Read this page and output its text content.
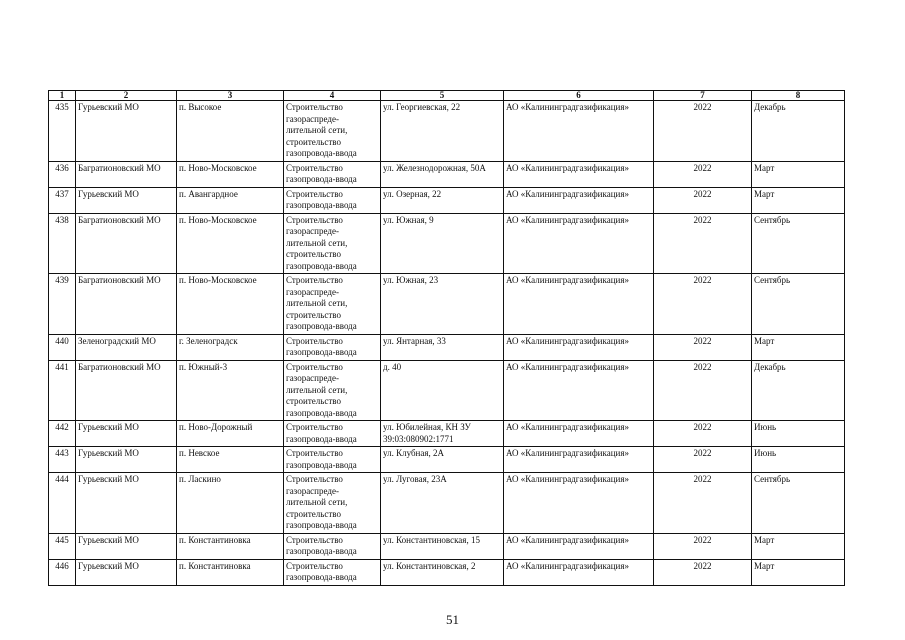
1	2	3	4	5	6	7	8
435	Гурьевский МО	п. Высокое	Строительство
газораспреде-
лительной сети,
строительство
газопровода-ввода	ул. Георгиевская, 22	АО «Калининградгазификация»	2022	Декабрь
436	Багратионовский МО	п. Ново-Московское	Строительство
газопровода-ввода	ул. Железнодорожная, 50А	АО «Калининградгазификация»	2022	Март
437	Гурьевский МО	п. Авангардное	Строительство
газопровода-ввода	ул. Озерная, 22	АО «Калининградгазификация»	2022	Март
438	Багратионовский МО	п. Ново-Московское	Строительство
газораспреде-
лительной сети,
строительство
газопровода-ввода	ул. Южная, 9	АО «Калининградгазификация»	2022	Сентябрь
439	Багратионовский МО	п. Ново-Московское	Строительство
газораспреде-
лительной сети,
строительство
газопровода-ввода	ул. Южная, 23	АО «Калининградгазификация»	2022	Сентябрь
440	Зеленоградский МО	г. Зеленоградск	Строительство
газопровода-ввода	ул. Янтарная, 33	АО «Калининградгазификация»	2022	Март
441	Багратионовский МО	п. Южный-3	Строительство
газораспреде-
лительной сети,
строительство
газопровода-ввода	д. 40	АО «Калининградгазификация»	2022	Декабрь
442	Гурьевский МО	п. Ново-Дорожный	Строительство
газопровода-ввода	ул. Юбилейная, КН ЗУ 39:03:080902:1771	АО «Калининградгазификация»	2022	Июнь
443	Гурьевский МО	п. Невское	Строительство
газопровода-ввода	ул. Клубная, 2А	АО «Калининградгазификация»	2022	Июнь
444	Гурьевский МО	п. Ласкино	Строительство
газораспреде-
лительной сети,
строительство
газопровода-ввода	ул. Луговая, 23А	АО «Калининградгазификация»	2022	Сентябрь
445	Гурьевский МО	п. Константиновка	Строительство
газопровода-ввода	ул. Константиновская, 15	АО «Калининградгазификация»	2022	Март
446	Гурьевский МО	п. Константиновка	Строительство
газопровода-ввода	ул. Константиновская, 2	АО «Калининградгазификация»	2022	Март
51
